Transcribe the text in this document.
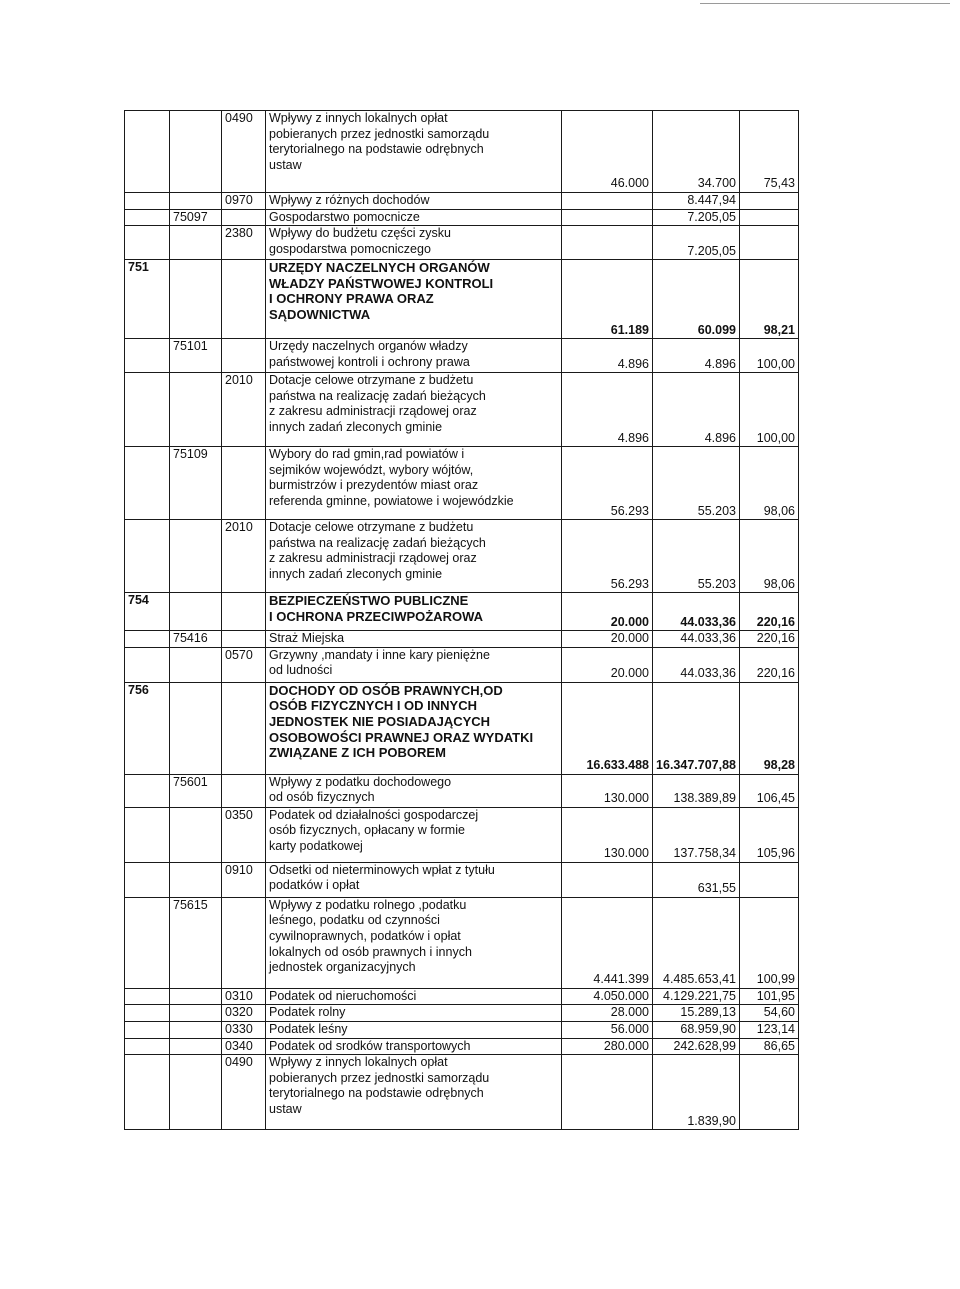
		0490	Wpływy z innych lokalnych opłat
pobieranych przez jednostki samorządu
terytorialnego na podstawie odrębnych
ustaw	46.000	34.700	75,43
		0970	Wpływy z różnych dochodów		8.447,94	
	75097		Gospodarstwo pomocnicze		7.205,05	
		2380	Wpływy do budżetu części zysku
gospodarstwa pomocniczego		7.205,05	
751			URZĘDY NACZELNYCH ORGANÓW
WŁADZY PAŃSTWOWEJ KONTROLI
I OCHRONY PRAWA ORAZ
SĄDOWNICTWA	61.189	60.099	98,21
	75101		Urzędy naczelnych organów władzy
państwowej kontroli i ochrony prawa	4.896	4.896	100,00
		2010	Dotacje celowe otrzymane z budżetu
państwa na realizację zadań bieżących
z zakresu administracji rządowej oraz
innych zadań zleconych gminie	4.896	4.896	100,00
	75109		Wybory do rad gmin,rad powiatów i
sejmików województ, wybory wójtów,
burmistrzów i prezydentów miast oraz
referenda gminne, powiatowe i wojewódzkie	56.293	55.203	98,06
		2010	Dotacje celowe otrzymane z budżetu
państwa na realizację zadań bieżących
z zakresu administracji rządowej oraz
innych zadań zleconych gminie	56.293	55.203	98,06
754			BEZPIECZEŃSTWO PUBLICZNE
I OCHRONA PRZECIWPOŻAROWA	20.000	44.033,36	220,16
	75416		Straż Miejska	20.000	44.033,36	220,16
		0570	Grzywny ,mandaty i inne kary pieniężne
od ludności	20.000	44.033,36	220,16
756			DOCHODY OD OSÓB PRAWNYCH,OD
OSÓB FIZYCZNYCH I OD INNYCH
JEDNOSTEK NIE POSIADAJĄCYCH
OSOBOWOŚCI PRAWNEJ ORAZ WYDATKI
ZWIĄZANE Z ICH POBOREM	16.633.488	16.347.707,88	98,28
	75601		Wpływy z podatku dochodowego
od osób fizycznych	130.000	138.389,89	106,45
		0350	Podatek od działalności gospodarczej
osób fizycznych, opłacany w formie
karty podatkowej	130.000	137.758,34	105,96
		0910	Odsetki od nieterminowych wpłat z tytułu
podatków i opłat		631,55	
	75615		Wpływy z podatku rolnego ,podatku
leśnego, podatku od czynności
cywilnoprawnych, podatków i opłat
lokalnych od osób prawnych i innych
jednostek organizacyjnych	4.441.399	4.485.653,41	100,99
		0310	Podatek od nieruchomości	4.050.000	4.129.221,75	101,95
		0320	Podatek rolny	28.000	15.289,13	54,60
		0330	Podatek leśny	56.000	68.959,90	123,14
		0340	Podatek od srodków transportowych	280.000	242.628,99	86,65
		0490	Wpływy z innych lokalnych opłat
pobieranych przez jednostki samorządu
terytorialnego na podstawie odrębnych
ustaw		1.839,90	
